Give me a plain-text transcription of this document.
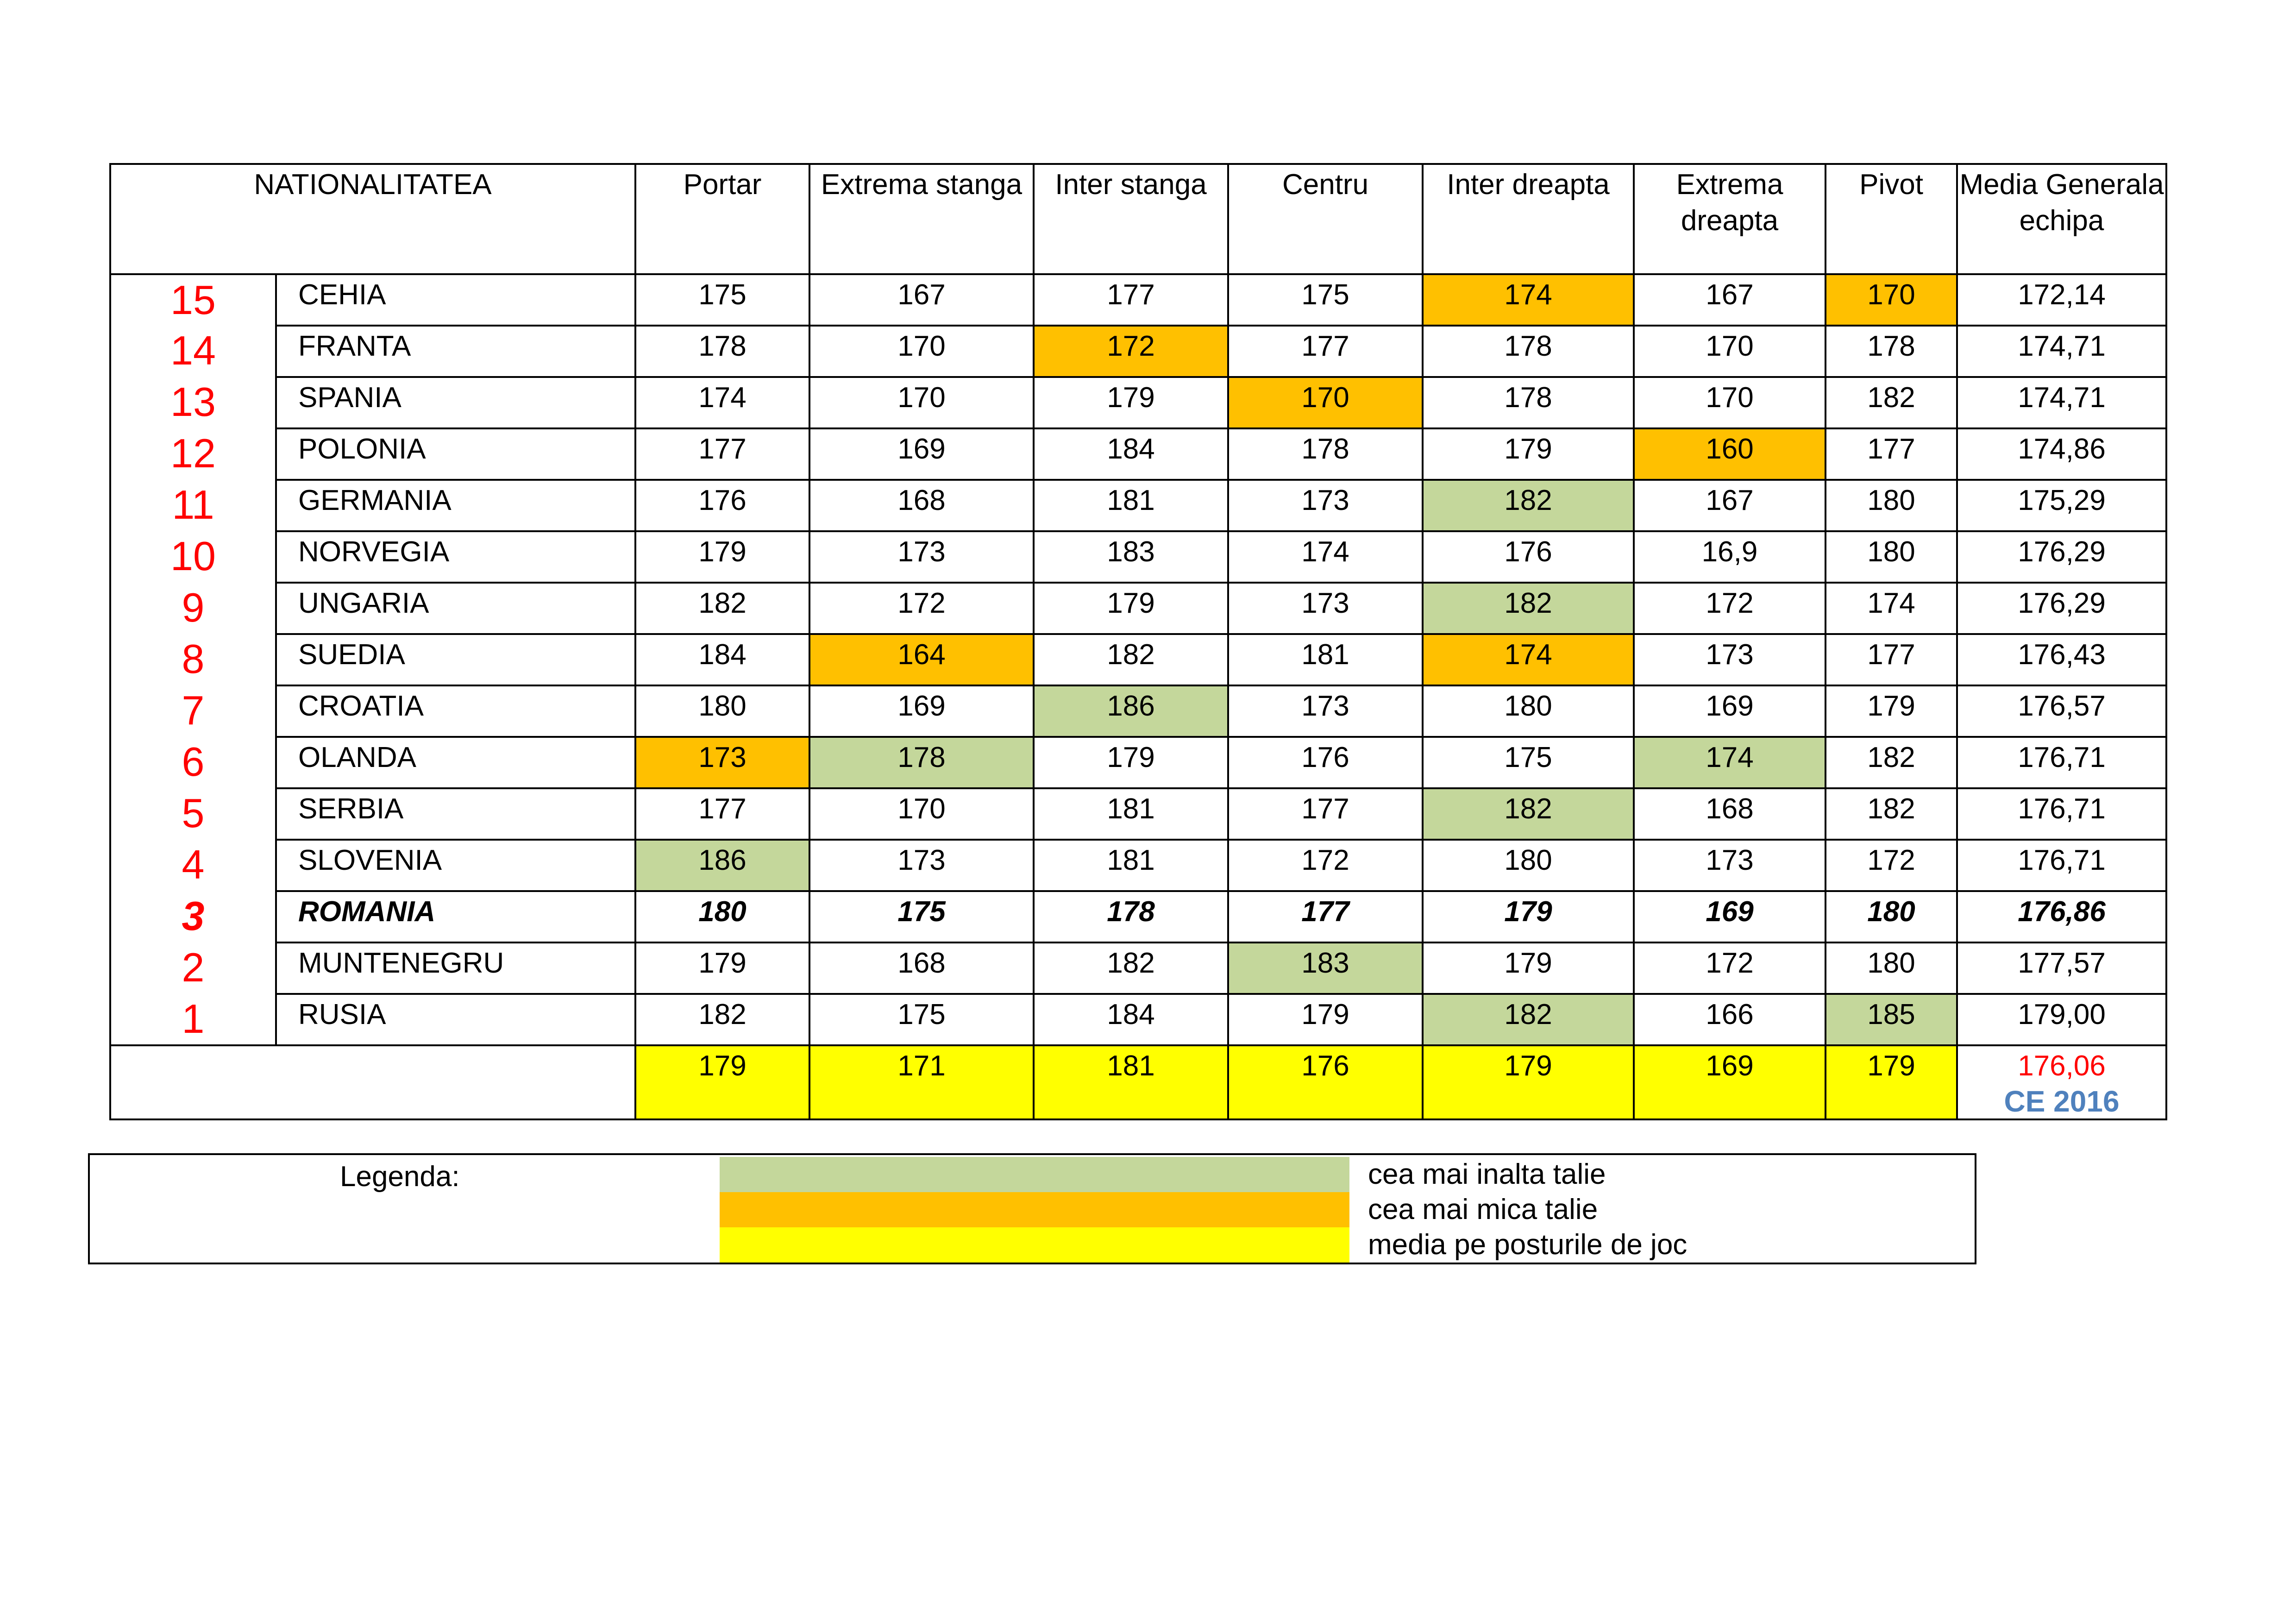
NATIONALITATEA		Portar	Extrema stanga	Inter stanga	Centru	Inter dreapta	Extrema dreapta	Pivot	Media Generala echipa
15	CEHIA	175	167	177	175	174	167	170	172,14
14	FRANTA	178	170	172	177	178	170	178	174,71
13	SPANIA	174	170	179	170	178	170	182	174,71
12	POLONIA	177	169	184	178	179	160	177	174,86
11	GERMANIA	176	168	181	173	182	167	180	175,29
10	NORVEGIA	179	173	183	174	176	16,9	180	176,29
9	UNGARIA	182	172	179	173	182	172	174	176,29
8	SUEDIA	184	164	182	181	174	173	177	176,43
7	CROATIA	180	169	186	173	180	169	179	176,57
6	OLANDA	173	178	179	176	175	174	182	176,71
5	SERBIA	177	170	181	177	182	168	182	176,71
4	SLOVENIA	186	173	181	172	180	173	172	176,71
3	ROMANIA	180	175	178	177	179	169	180	176,86
2	MUNTENEGRU	179	168	182	183	179	172	180	177,57
1	RUSIA	182	175	184	179	182	166	185	179,00
		179	171	181	176	179	169	179	176,06
CE 2016
Legenda:	cea mai inalta talie
cea mai mica talie
media pe posturile de joc
